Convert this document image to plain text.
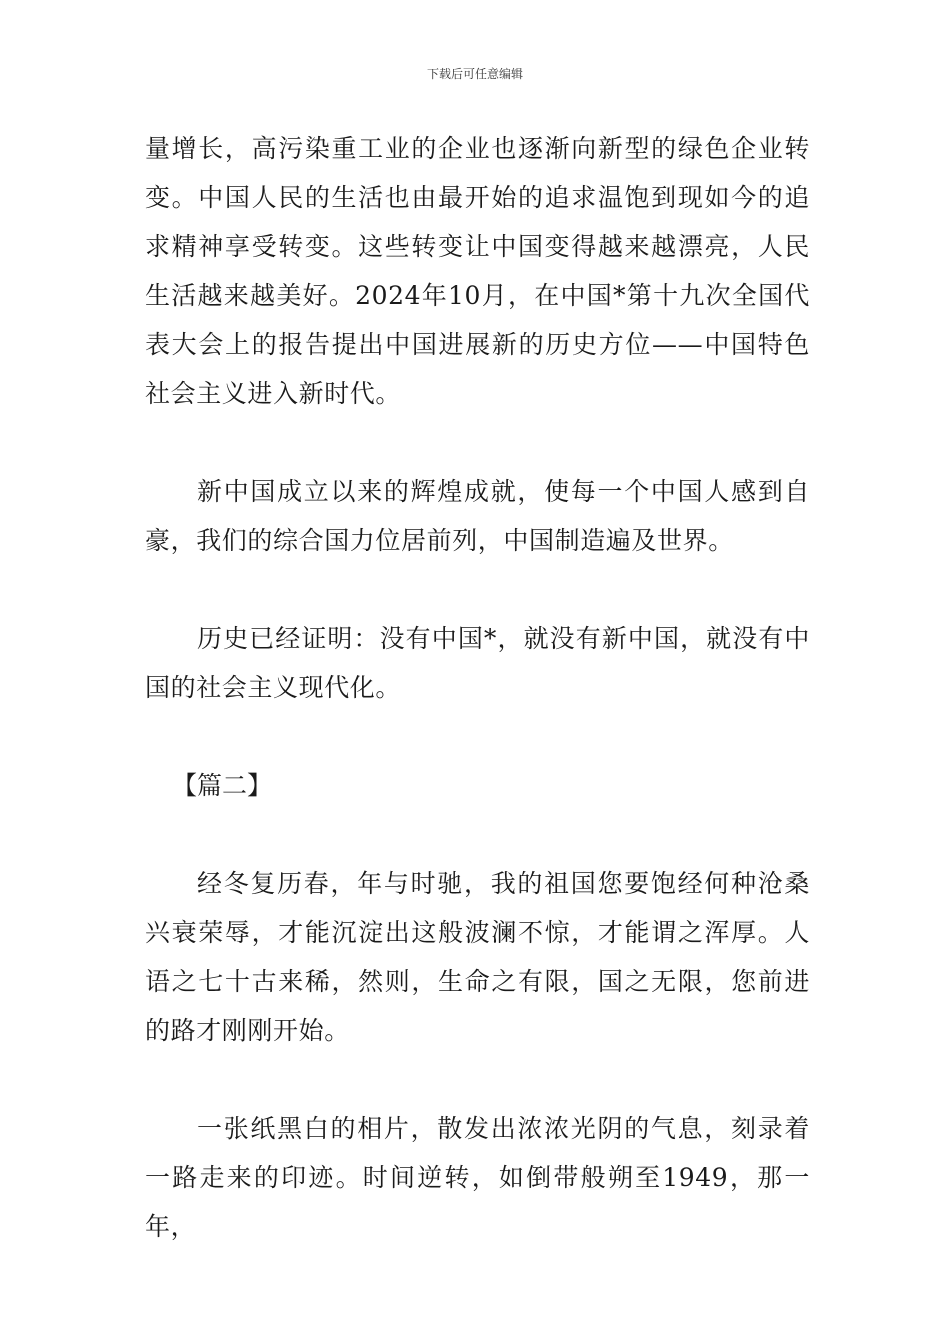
下载后可任意编辑

量增长，高污染重工业的企业也逐渐向新型的绿色企业转变。中国人民的生活也由最开始的追求温饱到现如今的追求精神享受转变。这些转变让中国变得越来越漂亮，人民生活越来越美好。2024年10月，在中国*第十九次全国代表大会上的报告提出中国进展新的历史方位——中国特色社会主义进入新时代。

新中国成立以来的辉煌成就，使每一个中国人感到自豪，我们的综合国力位居前列，中国制造遍及世界。

历史已经证明：没有中国*，就没有新中国，就没有中国的社会主义现代化。

【篇二】

经冬复历春，年与时驰，我的祖国您要饱经何种沧桑兴衰荣辱，才能沉淀出这般波澜不惊，才能谓之浑厚。人语之七十古来稀，然则，生命之有限，国之无限，您前进的路才刚刚开始。

一张纸黑白的相片，散发出浓浓光阴的气息，刻录着一路走来的印迹。时间逆转，如倒带般朔至1949，那一年，
